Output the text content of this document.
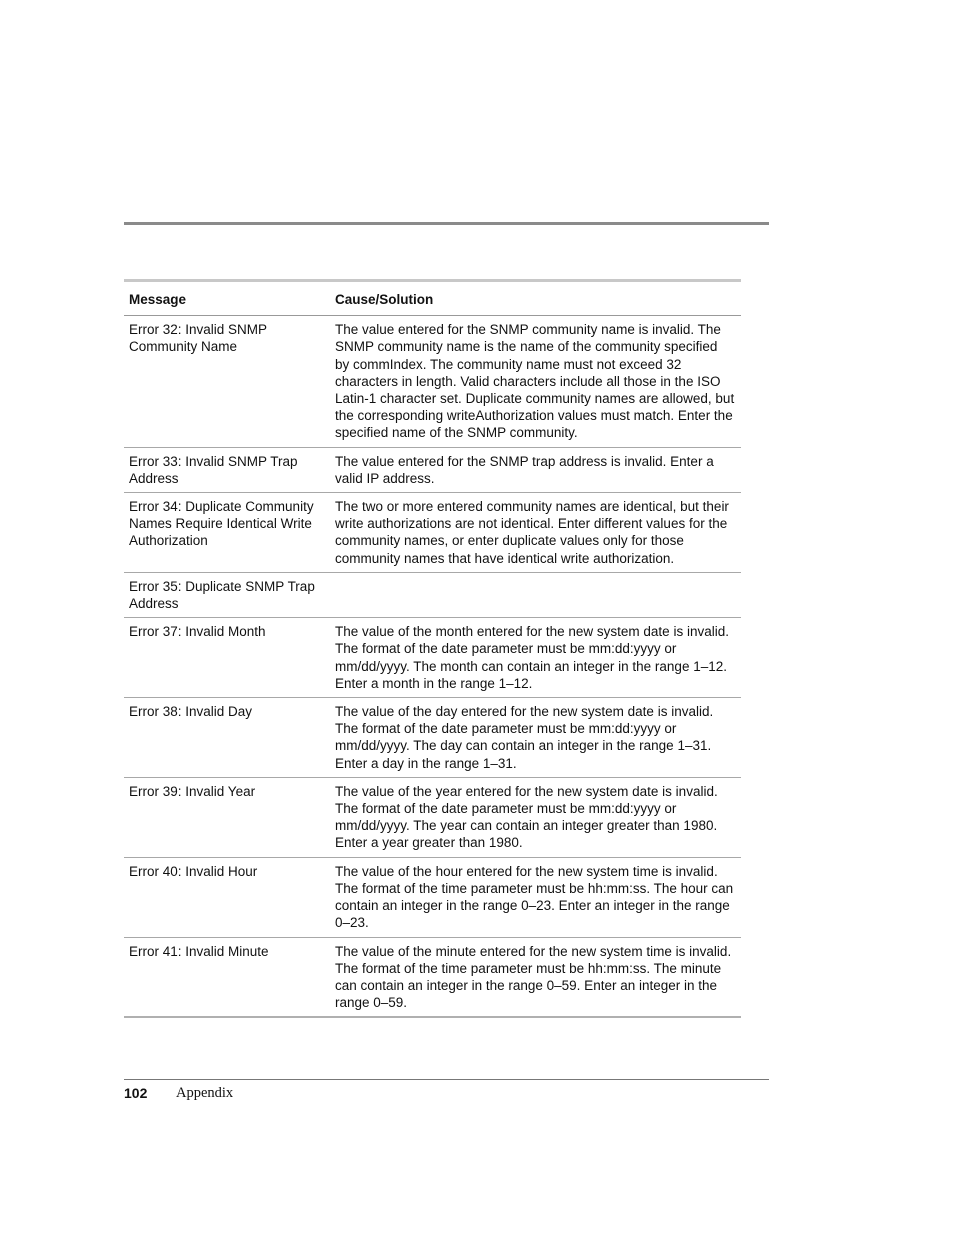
Message	Cause/Solution
Error 32: Invalid SNMP Community Name	The value entered for the SNMP community name is invalid. The SNMP community name is the name of the community specified by commIndex. The community name must not exceed 32 characters in length. Valid characters include all those in the ISO Latin-1 character set. Duplicate community names are allowed, but the corresponding writeAuthorization values must match. Enter the specified name of the SNMP community.
Error 33: Invalid SNMP Trap Address	The value entered for the SNMP trap address is invalid. Enter a valid IP address.
Error 34: Duplicate Community Names Require Identical Write Authorization	The two or more entered community names are identical, but their write authorizations are not identical. Enter different values for the community names, or enter duplicate values only for those community names that have identical write authorization.
Error 35: Duplicate SNMP Trap Address	
Error 37: Invalid Month	The value of the month entered for the new system date is invalid. The format of the date parameter must be mm:dd:yyyy or mm/dd/yyyy. The month can contain an integer in the range 1–12. Enter a month in the range 1–12.
Error 38: Invalid Day	The value of the day entered for the new system date is invalid. The format of the date parameter must be mm:dd:yyyy or mm/dd/yyyy. The day can contain an integer in the range 1–31. Enter a day in the range 1–31.
Error 39: Invalid Year	The value of the year entered for the new system date is invalid. The format of the date parameter must be mm:dd:yyyy or mm/dd/yyyy. The year can contain an integer greater than 1980. Enter a year greater than 1980.
Error 40: Invalid Hour	The value of the hour entered for the new system time is invalid. The format of the time parameter must be hh:mm:ss. The hour can contain an integer in the range 0–23. Enter an integer in the range 0–23.
Error 41: Invalid Minute	The value of the minute entered for the new system time is invalid. The format of the time parameter must be hh:mm:ss. The minute can contain an integer in the range 0–59. Enter an integer in the range 0–59.
102 Appendix
